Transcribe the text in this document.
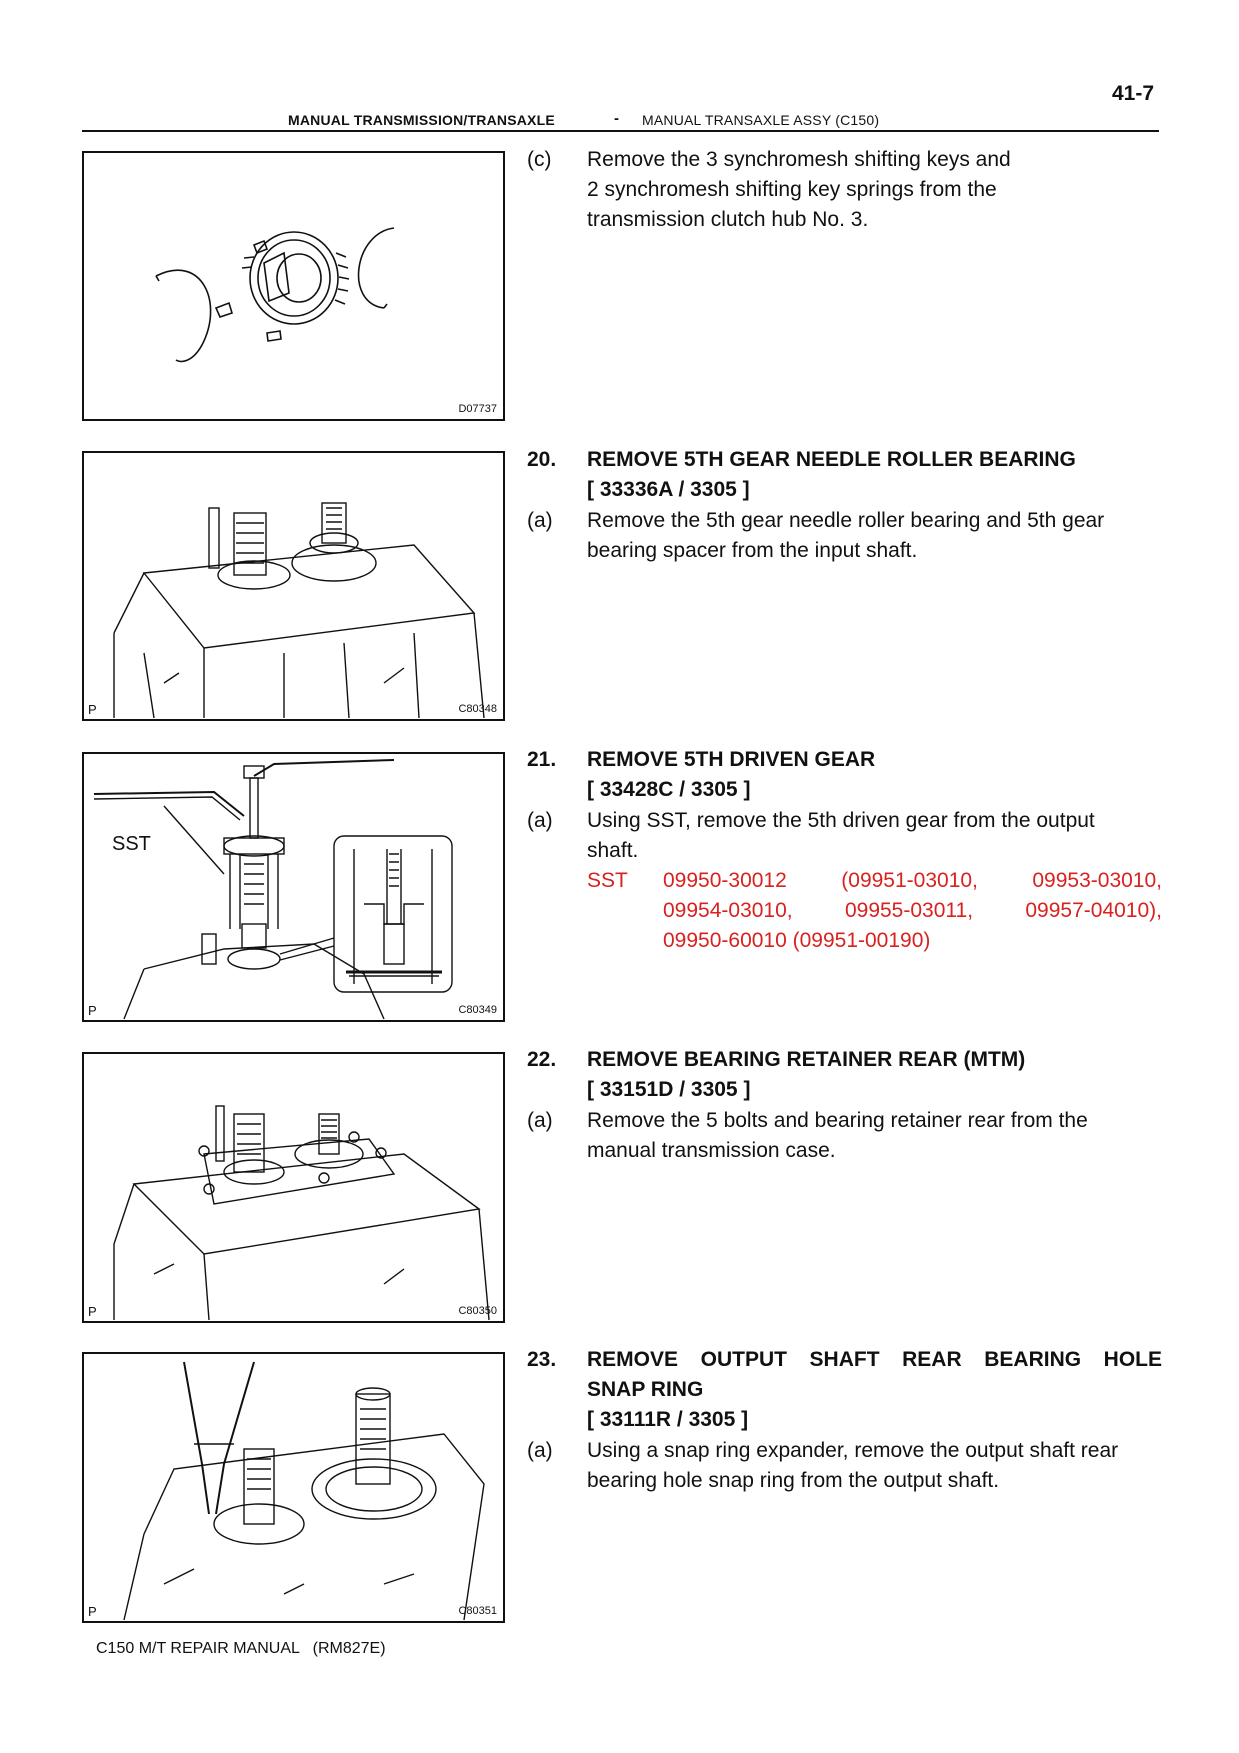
41-7
MANUAL TRANSMISSION/TRANSAXLE	- MANUAL TRANSAXLE ASSY (C150)
D07737
P	C80348
SST
P	C80349
P	C80350
P	C80351
(c) Remove the 3 synchromesh shifting keys and
2 synchromesh shifting key springs from the
transmission clutch hub No. 3.
20. REMOVE 5TH GEAR NEEDLE ROLLER BEARING
[ 33336A / 3305 ]
(a) Remove the 5th gear needle roller bearing and 5th gear
bearing spacer from the input shaft.
21. REMOVE 5TH DRIVEN GEAR
[ 33428C / 3305 ]
(a) Using SST, remove the 5th driven gear from the output
shaft.
SST 09950-30012 (09951-03010, 09953-03010,
09954-03010, 09955-03011, 09957-04010),
09950-60010 (09951-00190)
22. REMOVE BEARING RETAINER REAR (MTM)
[ 33151D / 3305 ]
(a) Remove the 5 bolts and bearing retainer rear from the
manual transmission case.
23. REMOVE OUTPUT SHAFT REAR BEARING HOLE
SNAP RING
[ 33111R / 3305 ]
(a) Using a snap ring expander, remove the output shaft rear
bearing hole snap ring from the output shaft.
C150 M/T REPAIR MANUAL   (RM827E)
